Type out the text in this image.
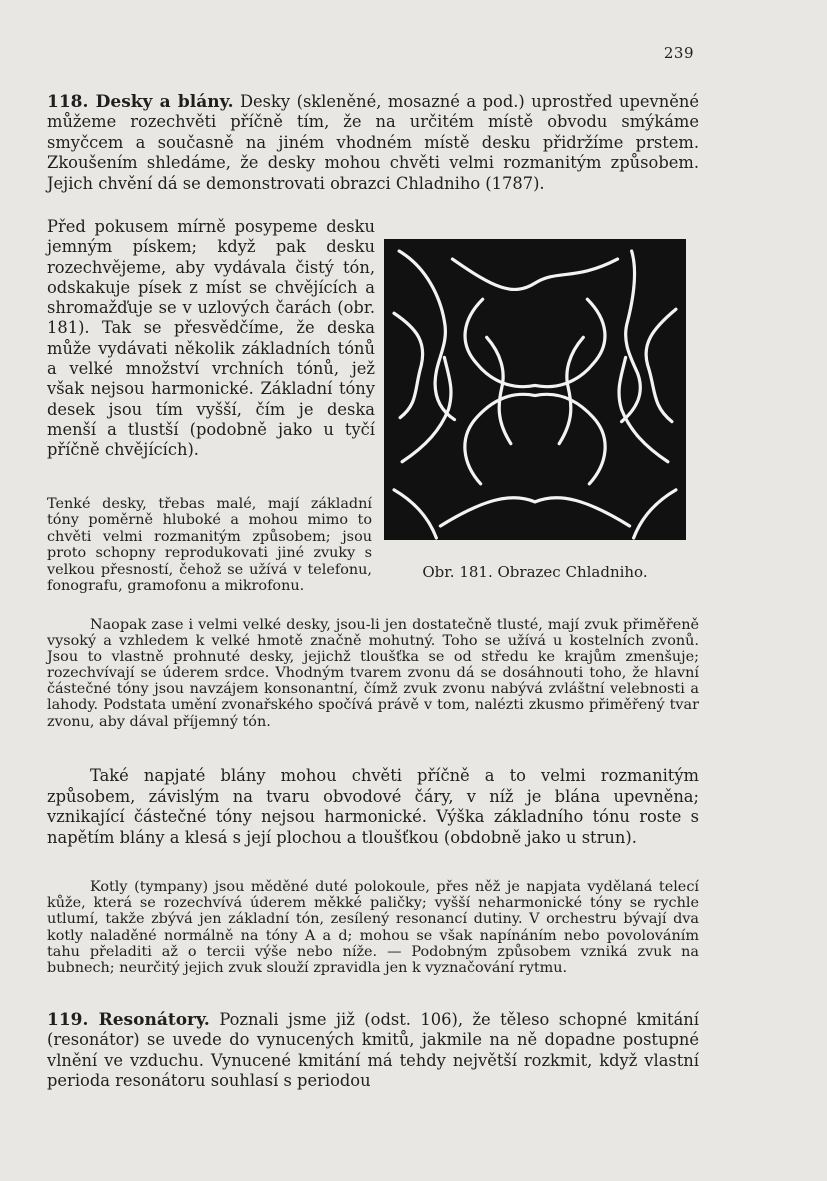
239

118. Desky a blány. Desky (skleněné, mosazné a pod.) uprostřed upevněné můžeme rozechvěti příčně tím, že na určitém místě obvodu smýkáme smyčcem a současně na jiném vhodném místě desku přidržíme prstem. Zkoušením shledáme, že desky mohou chvěti velmi rozmanitým způsobem. Jejich chvění dá se demonstrovati obrazci Chladniho (1787).

Před pokusem mírně posypeme desku jemným pískem; když pak desku rozechvějeme, aby vydávala čistý tón, odskakuje písek z míst se chvějících a shromažďuje se v uzlových čarách (obr. 181). Tak se přesvědčíme, že deska může vydávati několik základních tónů a velké množství vrchních tónů, jež však nejsou harmonické. Základní tóny desek jsou tím vyšší, čím je deska menší a tlustší (podobně jako u tyčí příčně chvějících).

Tenké desky, třebas malé, mají základní tóny poměrně hluboké a mohou mimo to chvěti velmi rozmanitým způsobem; jsou proto schopny reprodukovati jiné zvuky s velkou přesností, čehož se užívá v telefonu, fonografu, gramofonu a mikrofonu.

Obr. 181. Obrazec Chladniho.

Naopak zase i velmi velké desky, jsou-li jen dostatečně tlusté, mají zvuk přiměřeně vysoký a vzhledem k velké hmotě značně mohutný. Toho se užívá u kostelních zvonů. Jsou to vlastně prohnuté desky, jejichž tloušťka se od středu ke krajům zmenšuje; rozechvívají se úderem srdce. Vhodným tvarem zvonu dá se dosáhnouti toho, že hlavní částečné tóny jsou navzájem konsonantní, čímž zvuk zvonu nabývá zvláštní velebnosti a lahody. Podstata umění zvonařského spočívá právě v tom, nalézti zkusmo přiměřený tvar zvonu, aby dával příjemný tón.

Také napjaté blány mohou chvěti příčně a to velmi rozmanitým způsobem, závislým na tvaru obvodové čáry, v níž je blána upevněna; vznikající částečné tóny nejsou harmonické. Výška základního tónu roste s napětím blány a klesá s její plochou a tloušťkou (obdobně jako u strun).

Kotly (tympany) jsou měděné duté polokoule, přes něž je napjata vydělaná telecí kůže, která se rozechvívá úderem měkké paličky; vyšší neharmonické tóny se rychle utlumí, takže zbývá jen základní tón, zesílený resonancí dutiny. V orchestru bývají dva kotly naladěné normálně na tóny A a d; mohou se však napínáním nebo povolováním tahu přeladiti až o tercii výše nebo níže. — Podobným způsobem vzniká zvuk na bubnech; neurčitý jejich zvuk slouží zpravidla jen k vyznačování rytmu.

119. Resonátory. Poznali jsme již (odst. 106), že těleso schopné kmitání (resonátor) se uvede do vynucených kmitů, jakmile na ně dopadne postupné vlnění ve vzduchu. Vynucené kmitání má tehdy největší rozkmit, když vlastní perioda resonátoru souhlasí s periodou
